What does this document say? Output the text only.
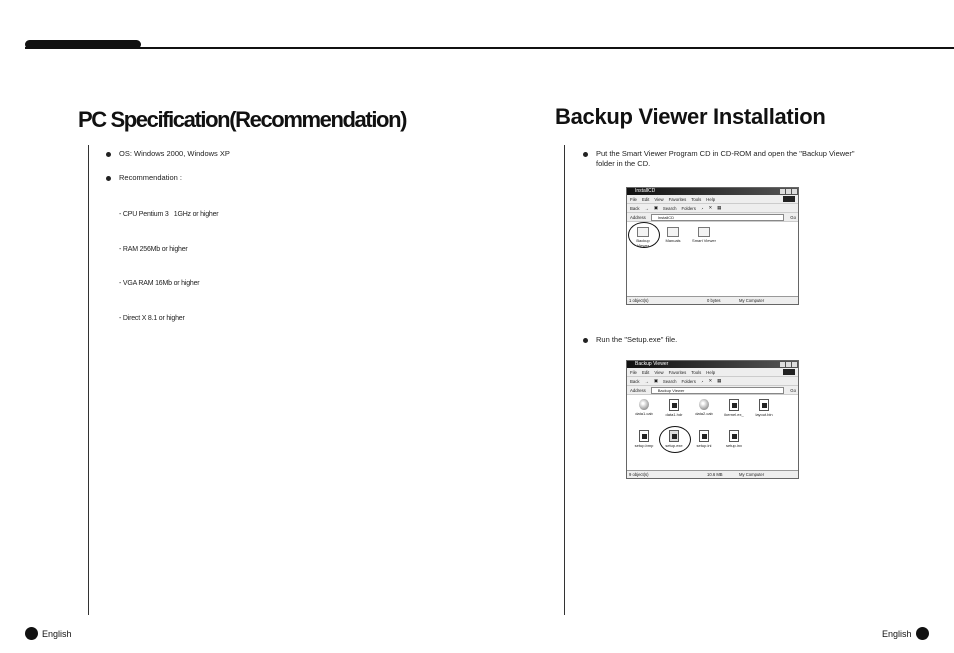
PC Specification(Recommendation)
OS: Windows 2000, Windows XP
Recommendation :

- CPU Pentium 3   1GHz or higher

- RAM 256Mb or higher

- VGA RAM 16Mb or higher

- Direct X 8.1 or higher

Backup Viewer Installation
Put the Smart Viewer Program CD in CD-ROM and open the "Backup Viewer"
folder in the CD.
InstallCD
File Edit View Favorites Tools Help
Back → ▣ Search Folders ◔ ✕ ▦
Address	InstallCD	Go
Backup Viewer
Manuals	Smart Viewer
1 object(s)	0 bytes	My Computer
Run the "Setup.exe" file.
Backup Viewer
File Edit View Favorites Tools Help
Back → ▣ Search Folders ◔ ✕ ▦
Address	Backup Viewer	Go
data1.cab	data1.hdr	data2.cab	ikernel.ex_	layout.bin
setup.bmp	setup.exe	setup.ini	setup.inx
9 object(s)	10.6 MB	My Computer
English	English
